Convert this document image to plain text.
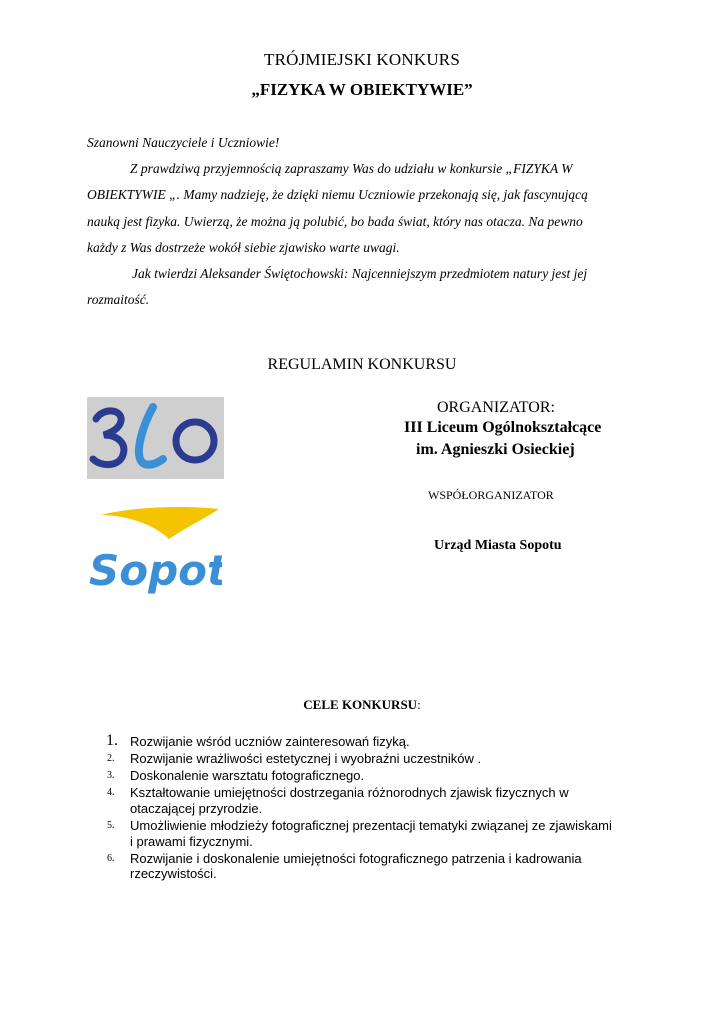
TRÓJMIEJSKI KONKURS
„FIZYKA W OBIEKTYWIE”
Szanowni Nauczyciele i Uczniowie!
Z prawdziwą przyjemnością zapraszamy Was do udziału w konkursie „FIZYKA W
OBIEKTYWIE „. Mamy nadzieję, że dzięki niemu Uczniowie przekonają się, jak fascynującą
nauką jest fizyka. Uwierzą, że można ją polubić, bo bada świat, który nas otacza. Na pewno
każdy z Was dostrzeże wokół siebie zjawisko warte uwagi.
Jak twierdzi Aleksander Świętochowski: Najcenniejszym przedmiotem natury jest jej
rozmaitość.
REGULAMIN KONKURSU
Sopot
ORGANIZATOR:
III Liceum Ogólnokształcące
im. Agnieszki Osieckiej
WSPÓŁORGANIZATOR
Urząd Miasta Sopotu
CELE KONKURSU:
1. Rozwijanie wśród uczniów zainteresowań fizyką.
2. Rozwijanie wrażliwości estetycznej i wyobraźni uczestników .
3. Doskonalenie warsztatu fotograficznego.
4. Kształtowanie umiejętności dostrzegania różnorodnych zjawisk fizycznych w
otaczającej przyrodzie.
5. Umożliwienie młodzieży fotograficznej prezentacji tematyki związanej ze zjawiskami
i prawami fizycznymi.
6. Rozwijanie i doskonalenie umiejętności fotograficznego patrzenia i kadrowania
rzeczywistości.
